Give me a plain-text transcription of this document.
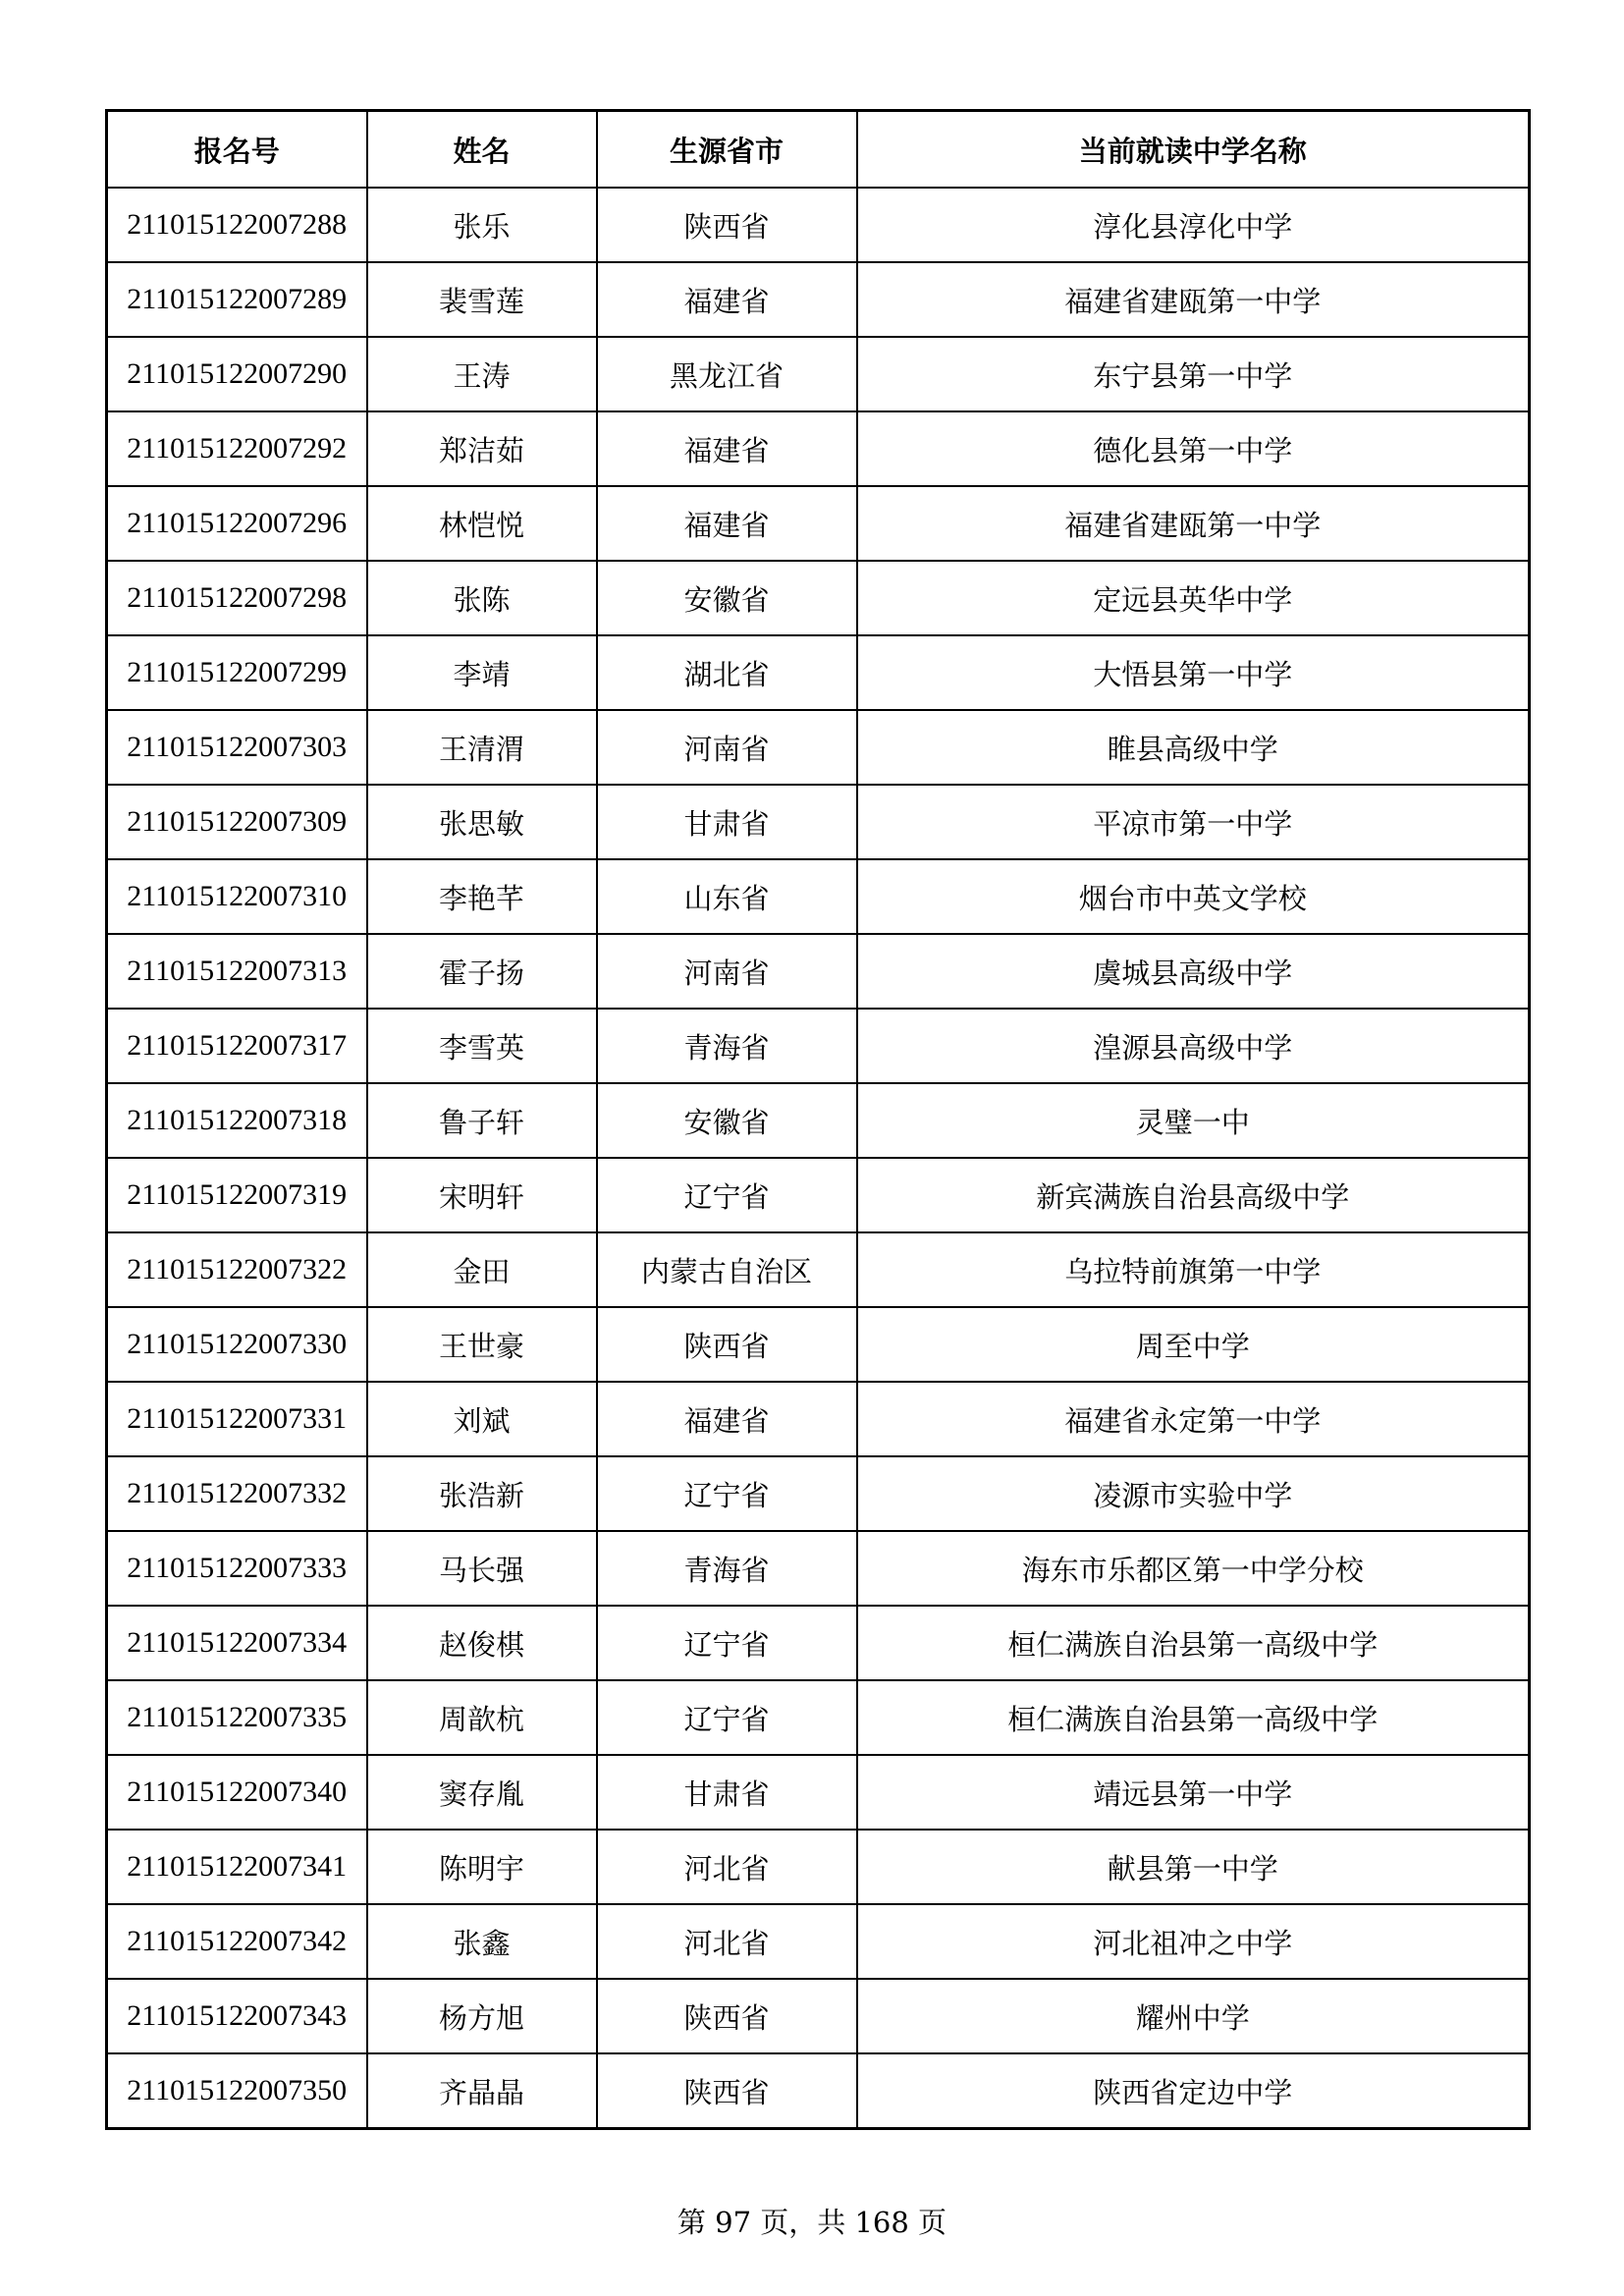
报名号	姓名	生源省市	当前就读中学名称
211015122007288	张乐	陕西省	淳化县淳化中学
211015122007289	裴雪莲	福建省	福建省建瓯第一中学
211015122007290	王涛	黑龙江省	东宁县第一中学
211015122007292	郑洁茹	福建省	德化县第一中学
211015122007296	林恺悦	福建省	福建省建瓯第一中学
211015122007298	张陈	安徽省	定远县英华中学
211015122007299	李靖	湖北省	大悟县第一中学
211015122007303	王清渭	河南省	睢县高级中学
211015122007309	张思敏	甘肃省	平凉市第一中学
211015122007310	李艳芊	山东省	烟台市中英文学校
211015122007313	霍子扬	河南省	虞城县高级中学
211015122007317	李雪英	青海省	湟源县高级中学
211015122007318	鲁子轩	安徽省	灵璧一中
211015122007319	宋明轩	辽宁省	新宾满族自治县高级中学
211015122007322	金田	内蒙古自治区	乌拉特前旗第一中学
211015122007330	王世豪	陕西省	周至中学
211015122007331	刘斌	福建省	福建省永定第一中学
211015122007332	张浩新	辽宁省	凌源市实验中学
211015122007333	马长强	青海省	海东市乐都区第一中学分校
211015122007334	赵俊棋	辽宁省	桓仁满族自治县第一高级中学
211015122007335	周歆杭	辽宁省	桓仁满族自治县第一高级中学
211015122007340	窦存胤	甘肃省	靖远县第一中学
211015122007341	陈明宇	河北省	献县第一中学
211015122007342	张鑫	河北省	河北祖冲之中学
211015122007343	杨方旭	陕西省	耀州中学
211015122007350	齐晶晶	陕西省	陕西省定边中学
第 97 页，共 168 页
